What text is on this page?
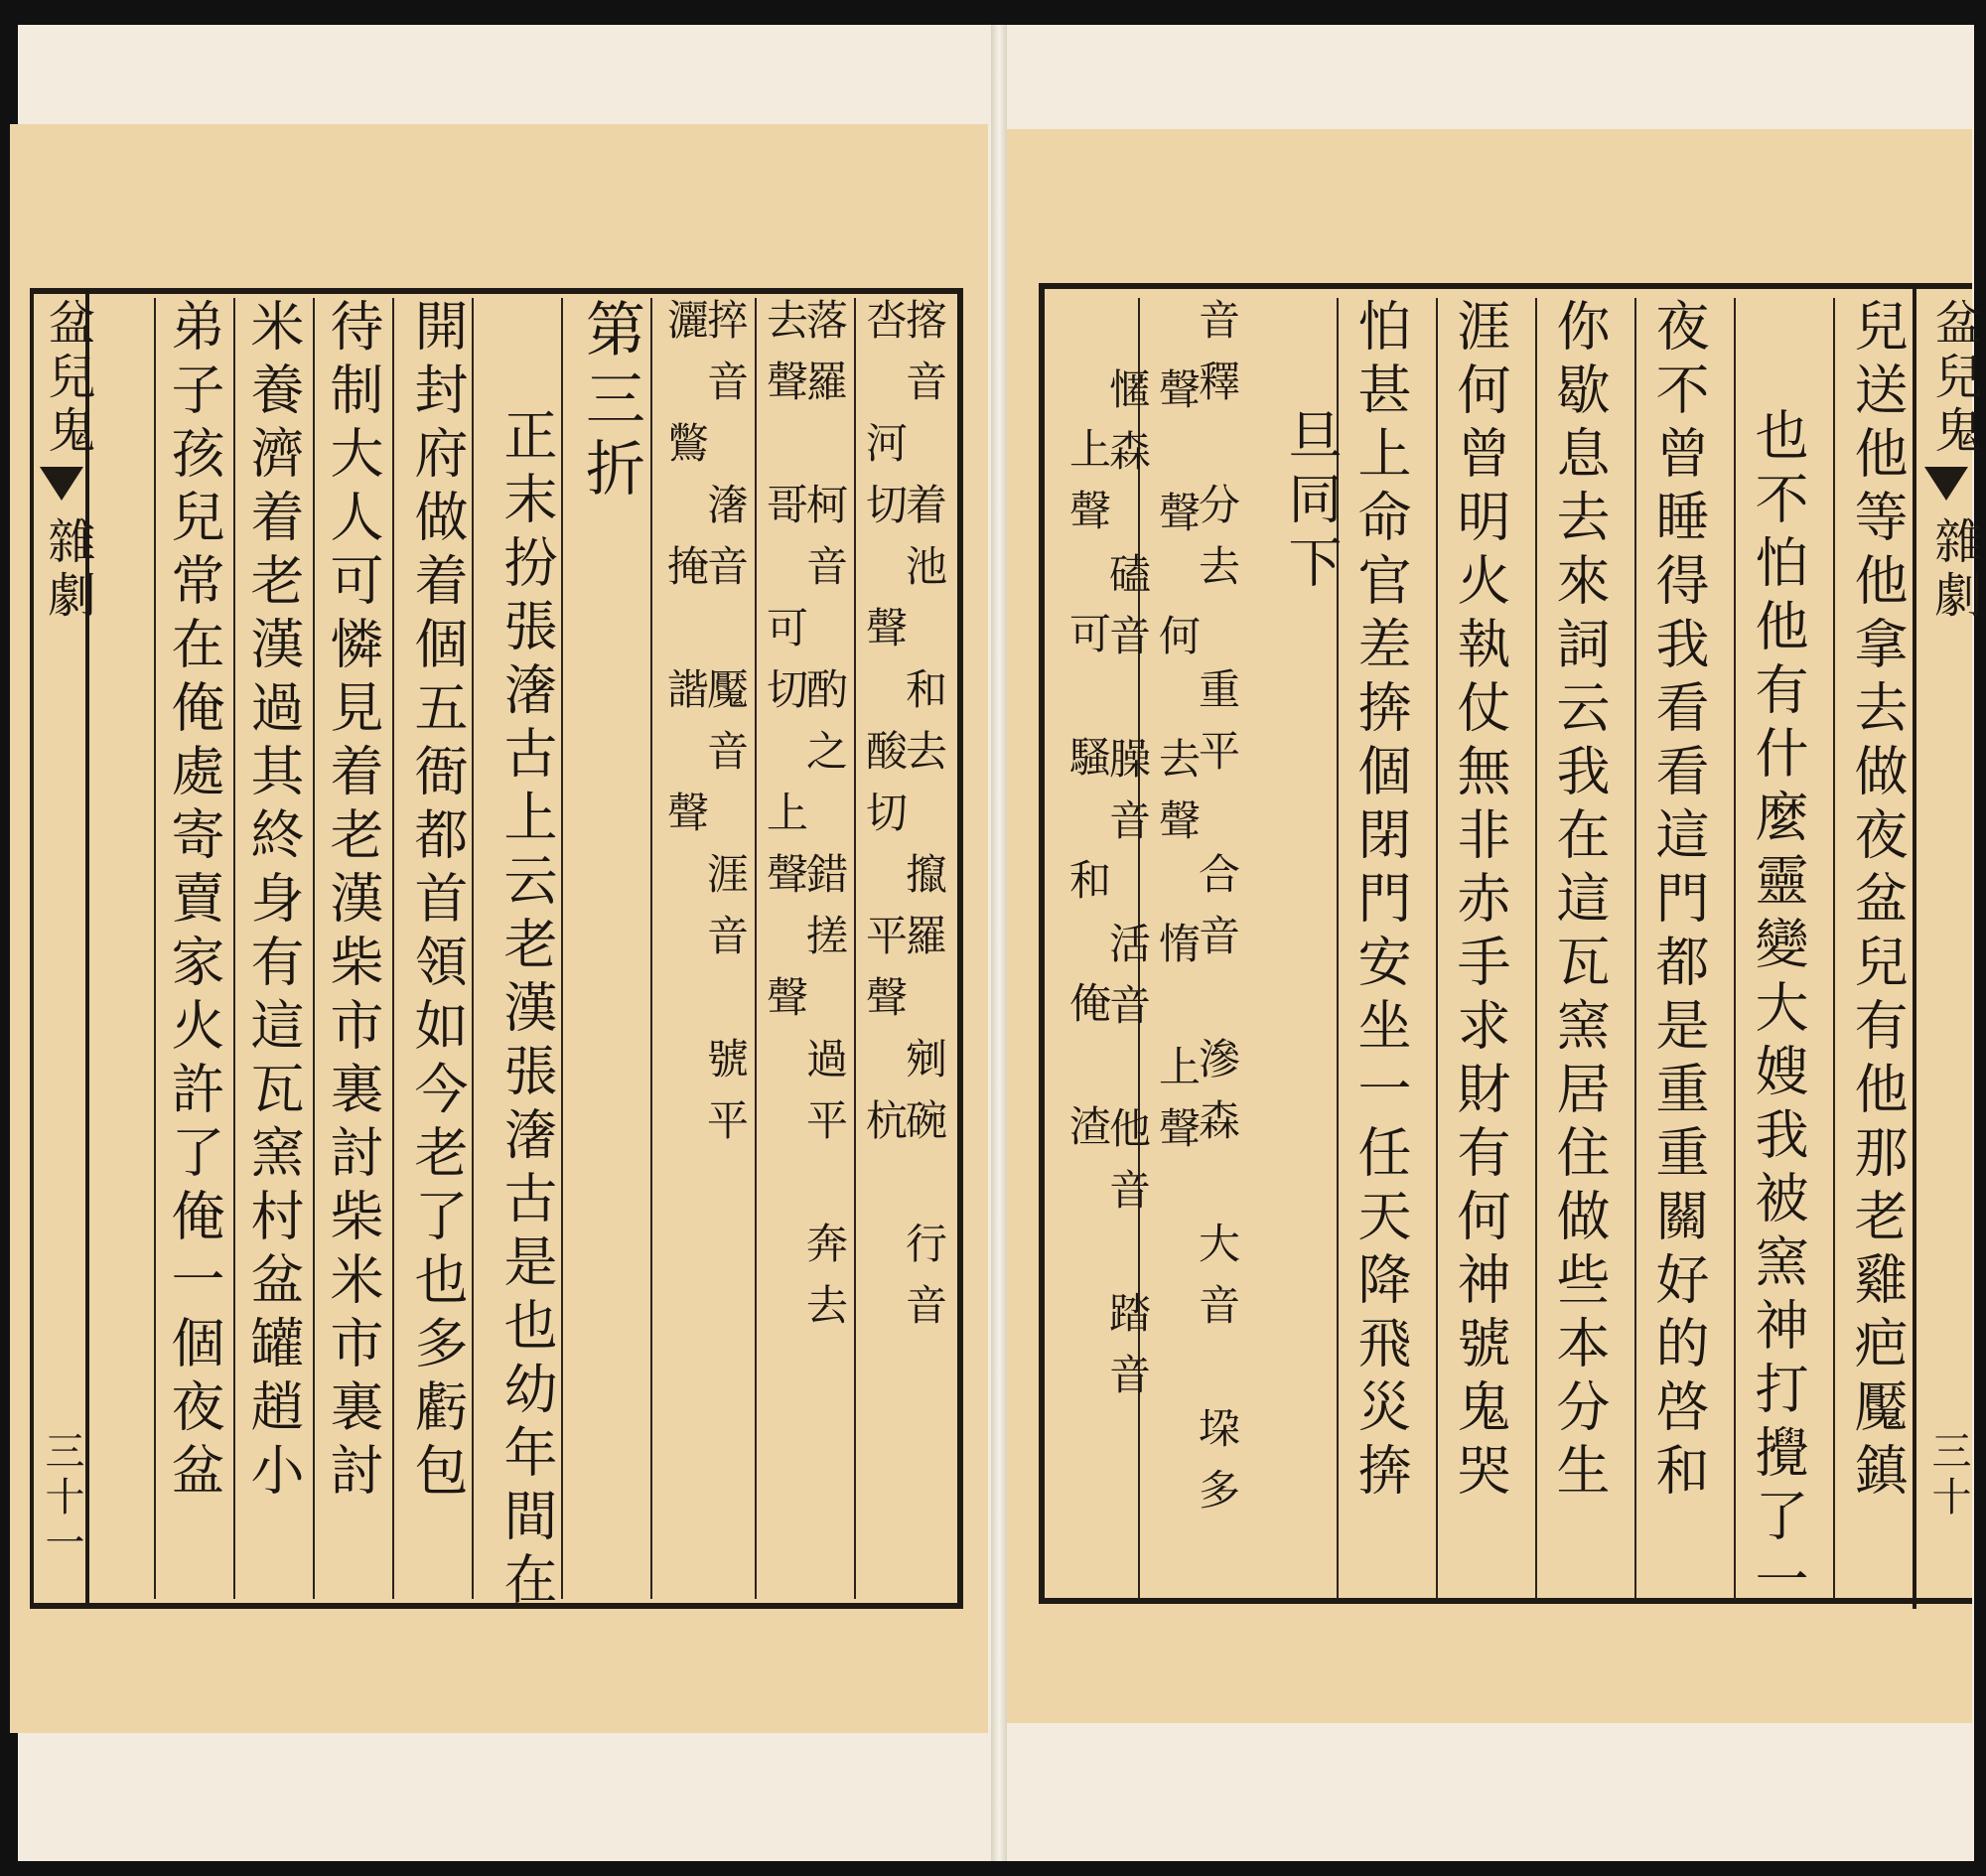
盆兒鬼
雜劇
三十一
揢音　着池　和去　攛羅　剜碗　行音
呇　河切　聲　酸切　平聲　杭
落羅　柯音　酌之　錯搓　過平　奔去
去聲　哥　可切　上聲　聲
捽音　㵔音　魘音　涯音　號平
灑　鷩　掩　諧　聲
第三折
正末扮張㵔古上云老漢張㵔古是也幼年間在
開封府做着個五衙都首領如今老了也多虧包
待制大人可憐見着老漢柴市裏討柴米市裏討
米養濟着老漢過其終身有這瓦窯村盆罐趙小
弟子孩兒常在俺處寄賣家火許了俺一個夜盆	盆兒鬼
雜劇
三十
兒送他等他拿去做夜盆兒有他那老雞疤魘鎮
也不怕他有什麼靈變大嫂我被窯神打攪了一
夜不曾睡得我看看這門都是重重關好的啓和
你歇息去來詞云我在這瓦窯居住做些本分生
涯何曾明火執仗無非赤手求財有何神號鬼哭
怕甚上命官差捹個閉門安坐一任天降飛災捹
旦同下
音釋　分去　重平　合音　滲森　大音　垜多
聲　聲　何　去聲　惰　上聲
㥾森　磕音　臊音　活音　他音　踏音
上聲　可　騷　和　俺　渣
